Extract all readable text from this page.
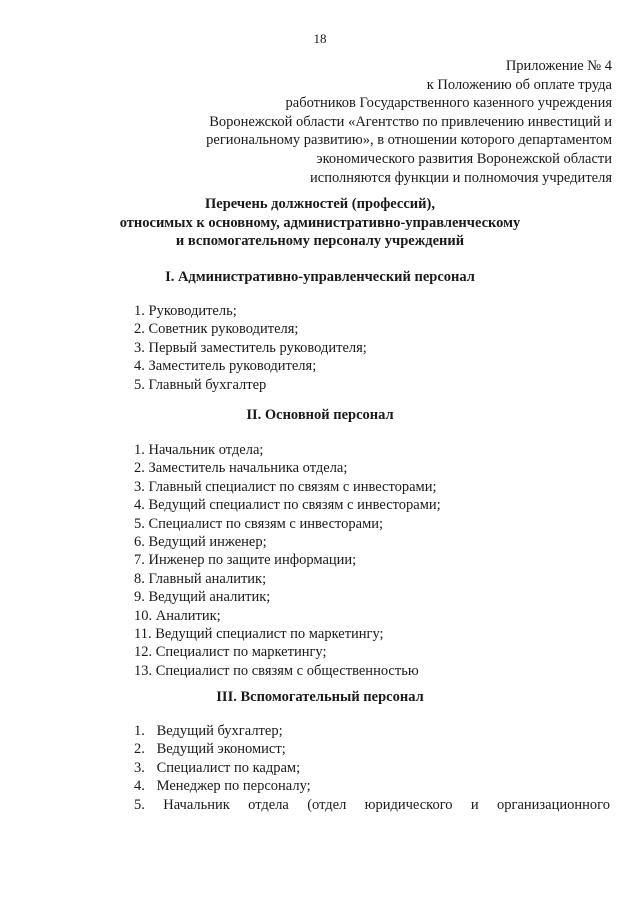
18
Приложение № 4
к Положению об оплате труда
работников Государственного казенного учреждения
Воронежской области «Агентство по привлечению инвестиций и
региональному развитию», в отношении которого департаментом
экономического развития Воронежской области
исполняются функции и полномочия учредителя
Перечень должностей (профессий),
относимых к основному, административно-управленческому
и вспомогательному персоналу учреждений
I. Административно-управленческий персонал
1. Руководитель;
2. Советник руководителя;
3. Первый заместитель руководителя;
4. Заместитель руководителя;
5. Главный бухгалтер
II. Основной персонал
1. Начальник отдела;
2. Заместитель начальника отдела;
3. Главный специалист по связям с инвесторами;
4. Ведущий специалист по связям с инвесторами;
5. Специалист по связям с инвесторами;
6. Ведущий инженер;
7. Инженер по защите информации;
8. Главный аналитик;
9. Ведущий аналитик;
10. Аналитик;
11. Ведущий специалист по маркетингу;
12. Специалист по маркетингу;
13. Специалист по связям с общественностью
III. Вспомогательный персонал
1. Ведущий бухгалтер;
2. Ведущий экономист;
3. Специалист по кадрам;
4. Менеджер по персоналу;
5. Начальник отдела (отдел юридического и организационного
